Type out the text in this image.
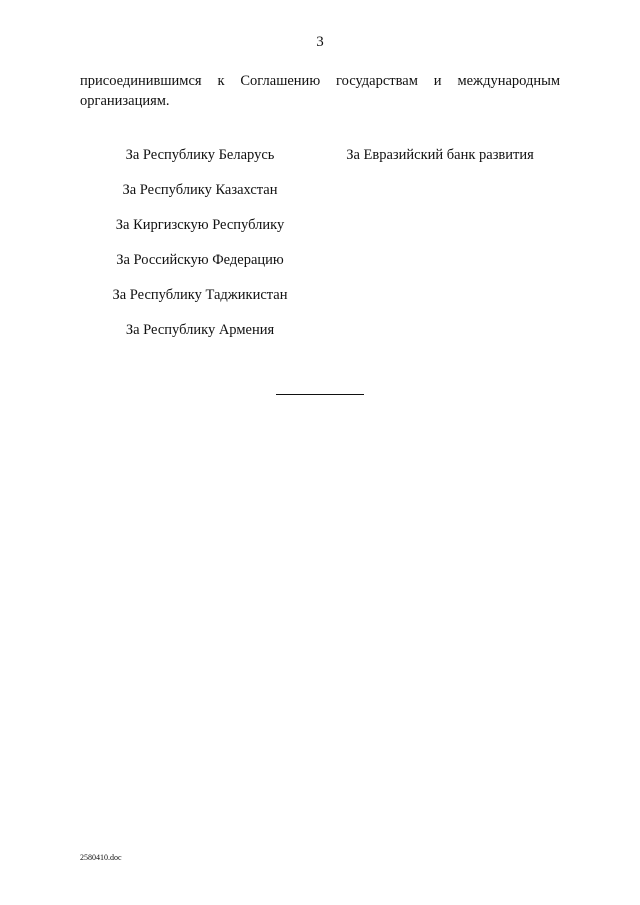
3
присоединившимся к Соглашению государствам и международным
организациям.
За Республику Беларусь
За Республику Казахстан
За Киргизскую Республику
За Российскую Федерацию
За Республику Таджикистан
За Республику Армения
За Евразийский банк развития
2580410.doc
